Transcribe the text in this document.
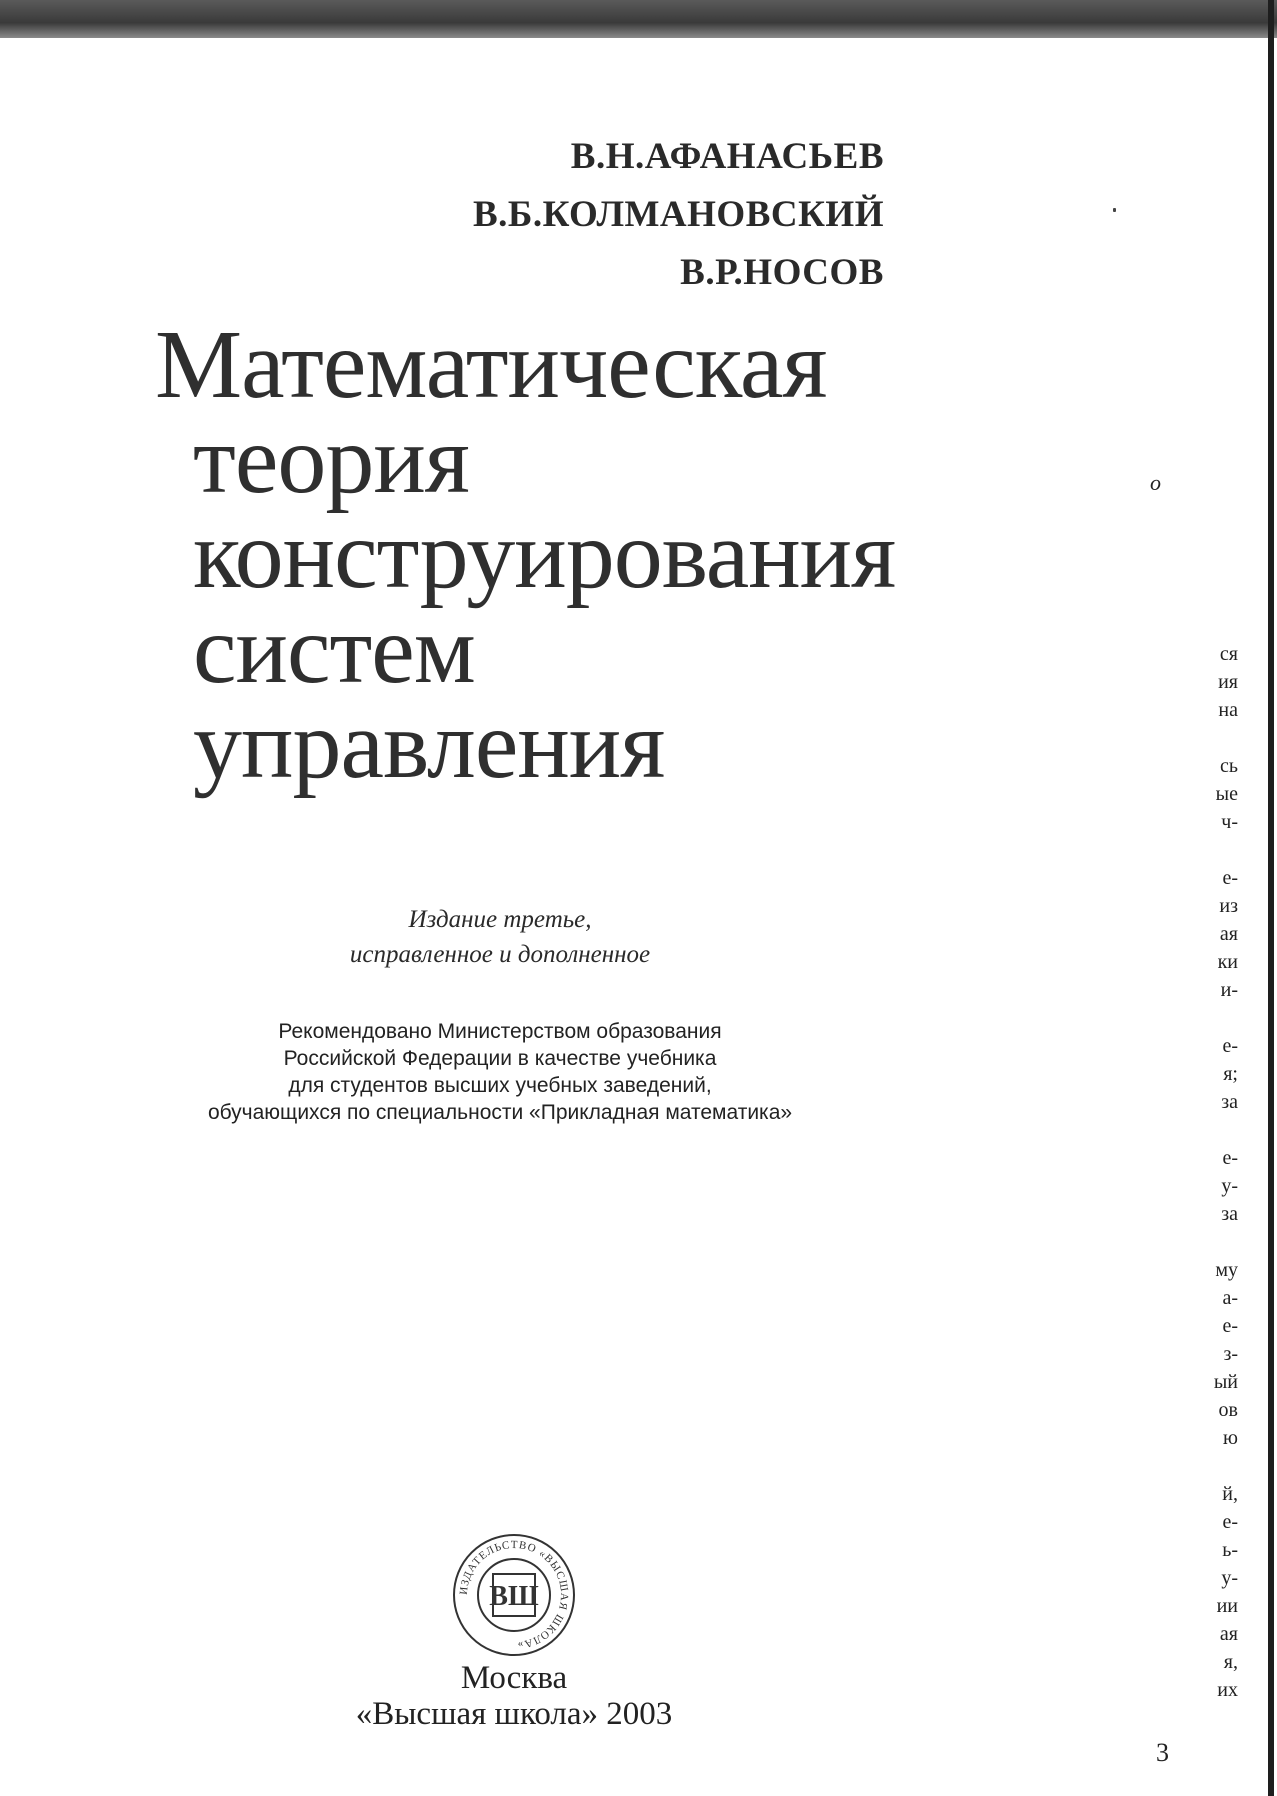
В.Н.АФАНАСЬЕВ
В.Б.КОЛМАНОВСКИЙ
В.Р.НОСОВ
Математическая
теория
конструирования
систем
управления
Издание третье,
исправленное и дополненное
Рекомендовано Министерством образования
Российской Федерации в качестве учебника
для студентов высших учебных заведений,
обучающихся по специальности «Прикладная математика»
ИЗДАТЕЛЬСТВО «ВЫСШАЯ ШКОЛА»
ВШ
Москва
«Высшая школа» 2003
о
ся
ия
на
сь
ые
ч-
е-
из
ая
ки
и-
е-
я;
за
е-
у-
за
му
а-
е-
з-
ый
ов
ю
й,
е-
ь-
у-
ии
ая
я,
их
3
